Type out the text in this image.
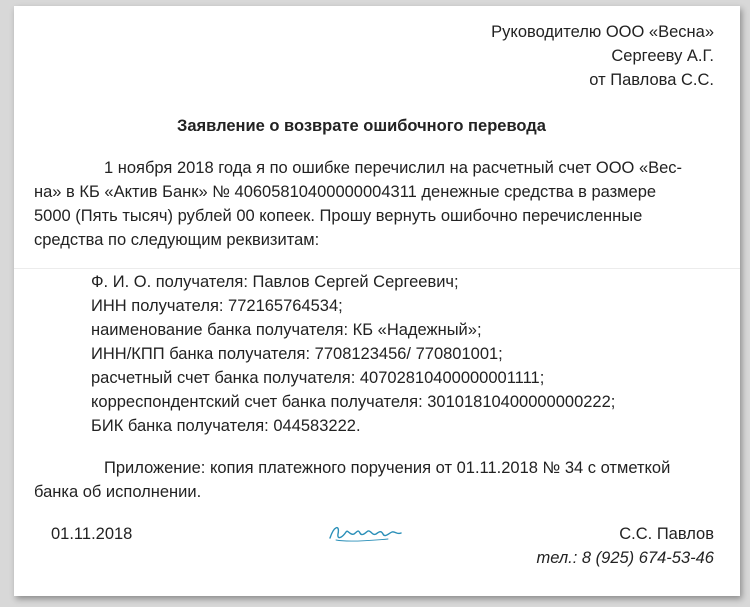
Руководителю ООО «Весна»
Сергееву А.Г.
от Павлова С.С.
Заявление о возврате ошибочного перевода
1 ноября 2018 года я по ошибке перечислил на расчетный счет ООО «Вес-
на» в КБ «Актив Банк» № 40605810400000004311 денежные средства в размере
5000 (Пять тысяч) рублей 00 копеек. Прошу вернуть ошибочно перечисленные
средства по следующим реквизитам:
Ф. И. О. получателя: Павлов Сергей Сергеевич;
ИНН получателя: 772165764534;
наименование банка получателя: КБ «Надежный»;
ИНН/КПП банка получателя: 7708123456/ 770801001;
расчетный счет банка получателя: 40702810400000001111;
корреспондентский счет банка получателя: 30101810400000000222;
БИК банка получателя: 044583222.
Приложение: копия платежного поручения от 01.11.2018 № 34 с отметкой
банка об исполнении.
01.11.2018	С.С. Павлов
тел.: 8 (925) 674-53-46
